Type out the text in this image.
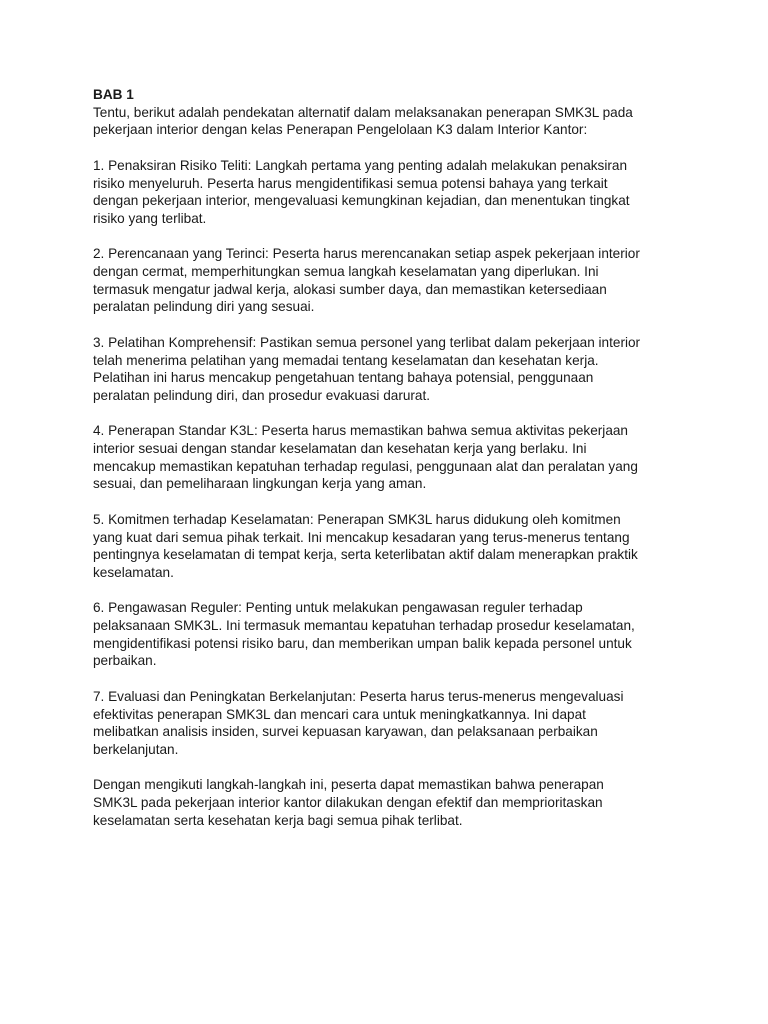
BAB 1
Tentu, berikut adalah pendekatan alternatif dalam melaksanakan penerapan SMK3L pada
pekerjaan interior dengan kelas Penerapan Pengelolaan K3 dalam Interior Kantor:
1. Penaksiran Risiko Teliti: Langkah pertama yang penting adalah melakukan penaksiran
risiko menyeluruh. Peserta harus mengidentifikasi semua potensi bahaya yang terkait
dengan pekerjaan interior, mengevaluasi kemungkinan kejadian, dan menentukan tingkat
risiko yang terlibat.
2. Perencanaan yang Terinci: Peserta harus merencanakan setiap aspek pekerjaan interior
dengan cermat, memperhitungkan semua langkah keselamatan yang diperlukan. Ini
termasuk mengatur jadwal kerja, alokasi sumber daya, dan memastikan ketersediaan
peralatan pelindung diri yang sesuai.
3. Pelatihan Komprehensif: Pastikan semua personel yang terlibat dalam pekerjaan interior
telah menerima pelatihan yang memadai tentang keselamatan dan kesehatan kerja.
Pelatihan ini harus mencakup pengetahuan tentang bahaya potensial, penggunaan
peralatan pelindung diri, dan prosedur evakuasi darurat.
4. Penerapan Standar K3L: Peserta harus memastikan bahwa semua aktivitas pekerjaan
interior sesuai dengan standar keselamatan dan kesehatan kerja yang berlaku. Ini
mencakup memastikan kepatuhan terhadap regulasi, penggunaan alat dan peralatan yang
sesuai, dan pemeliharaan lingkungan kerja yang aman.
5. Komitmen terhadap Keselamatan: Penerapan SMK3L harus didukung oleh komitmen
yang kuat dari semua pihak terkait. Ini mencakup kesadaran yang terus-menerus tentang
pentingnya keselamatan di tempat kerja, serta keterlibatan aktif dalam menerapkan praktik
keselamatan.
6. Pengawasan Reguler: Penting untuk melakukan pengawasan reguler terhadap
pelaksanaan SMK3L. Ini termasuk memantau kepatuhan terhadap prosedur keselamatan,
mengidentifikasi potensi risiko baru, dan memberikan umpan balik kepada personel untuk
perbaikan.
7. Evaluasi dan Peningkatan Berkelanjutan: Peserta harus terus-menerus mengevaluasi
efektivitas penerapan SMK3L dan mencari cara untuk meningkatkannya. Ini dapat
melibatkan analisis insiden, survei kepuasan karyawan, dan pelaksanaan perbaikan
berkelanjutan.
Dengan mengikuti langkah-langkah ini, peserta dapat memastikan bahwa penerapan
SMK3L pada pekerjaan interior kantor dilakukan dengan efektif dan memprioritaskan
keselamatan serta kesehatan kerja bagi semua pihak terlibat.
